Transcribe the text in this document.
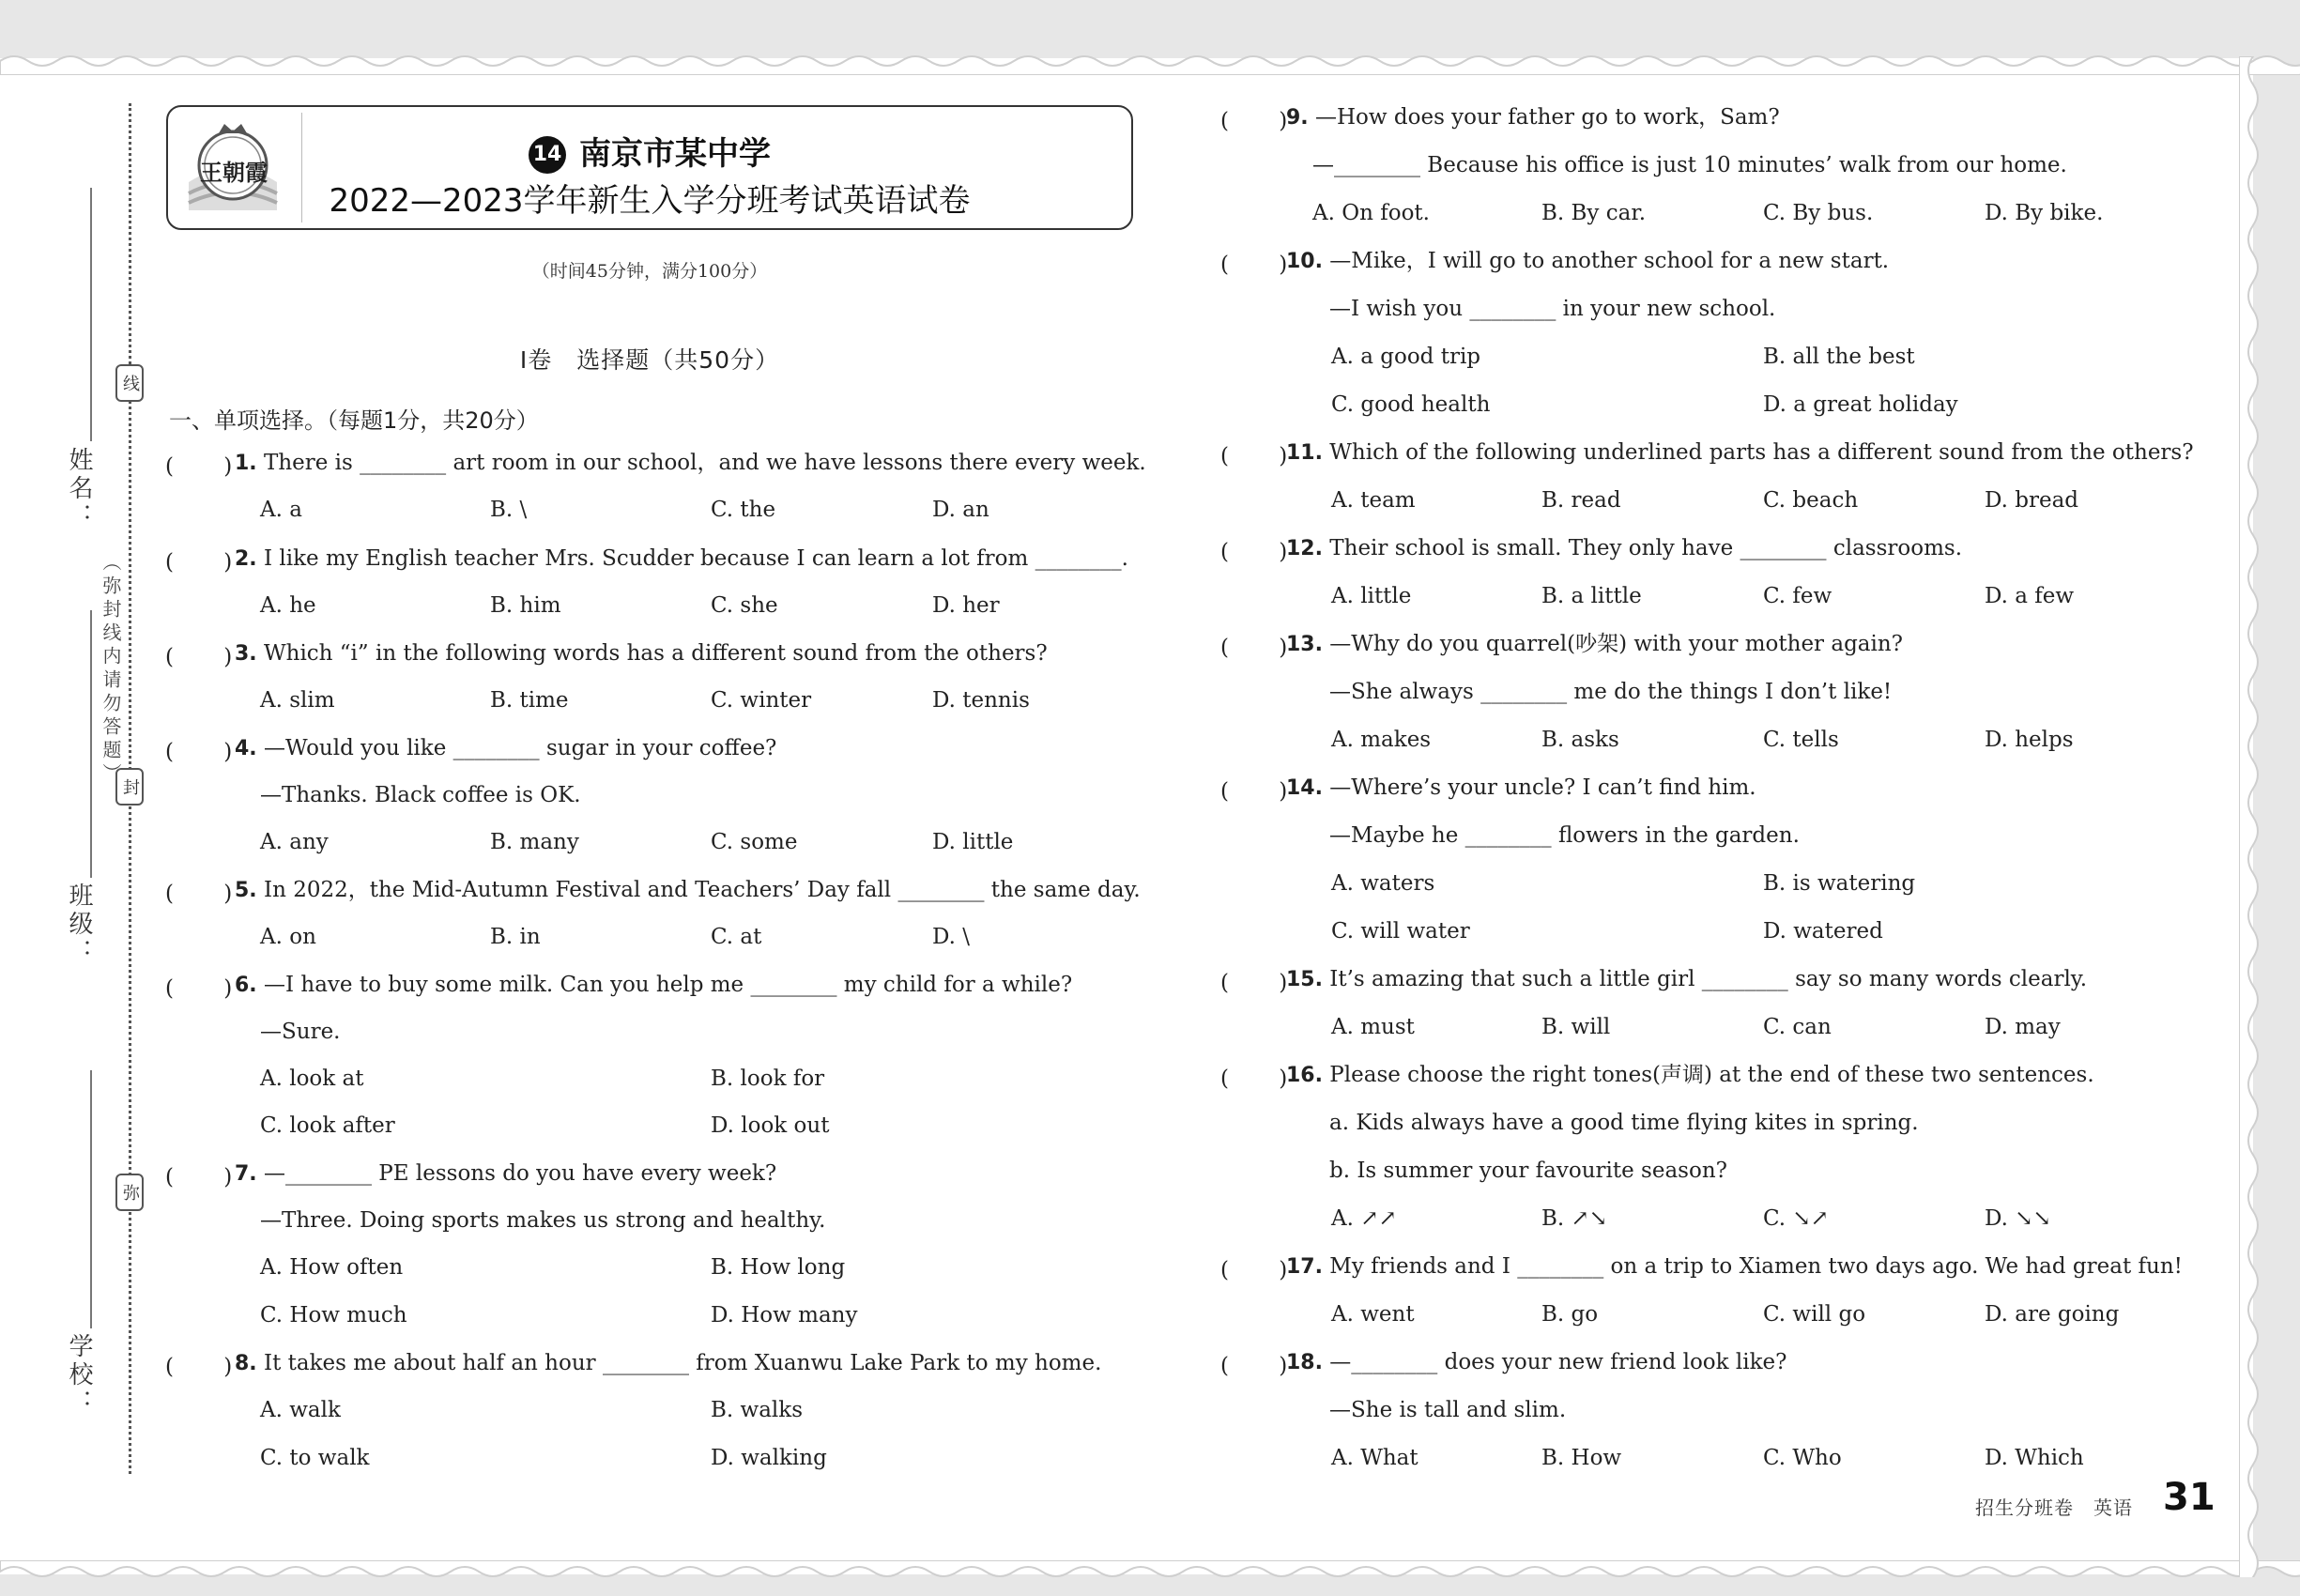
姓名：
班级：
学校：
线
封
弥
（弥封线内请勿答题）
王朝霞
14 南京市某中学
2022—2023学年新生入学分班考试英语试卷
（时间45分钟，满分100分）
Ⅰ卷　选择题（共50分）
一、单项选择。（每题1分，共20分）
(　　 ) 1. There is ________ art room in our school，and we have lessons there every week.
A. a	B. \	C. the	D. an
(　　 ) 2. I like my English teacher Mrs. Scudder because I can learn a lot from ________.
A. he	B. him	C. she	D. her
(　　 ) 3. Which “i” in the following words has a different sound from the others?
A. slim	B. time	C. winter	D. tennis
(　　 ) 4. —Would you like ________ sugar in your coffee?
—Thanks. Black coffee is OK.
A. any	B. many	C. some	D. little
(　　 ) 5. In 2022，the Mid-Autumn Festival and Teachers’ Day fall ________ the same day.
A. on	B. in	C. at	D. \
(　　 ) 6. —I have to buy some milk. Can you help me ________ my child for a while?
—Sure.
A. look at	B. look for
C. look after	D. look out
(　　 ) 7. —________ PE lessons do you have every week?
—Three. Doing sports makes us strong and healthy.
A. How often	B. How long
C. How much	D. How many
(　　 ) 8. It takes me about half an hour ________ from Xuanwu Lake Park to my home.
A. walk	B. walks
C. to walk	D. walking
(　　 )
9. —How does your father go to work，Sam?
—________ Because his office is just 10 minutes’ walk from our home.
A. On foot.	B. By car.	C. By bus.	D. By bike.
(　　 )
10. —Mike，I will go to another school for a new start.
—I wish you ________ in your new school.
A. a good trip	B. all the best
C. good health	D. a great holiday
(　　 )
11. Which of the following underlined parts has a different sound from the others?
A. team	B. read	C. beach	D. bread
(　　 )
12. Their school is small. They only have ________ classrooms.
A. little	B. a little	C. few	D. a few
(　　 )
13. —Why do you quarrel(吵架) with your mother again?
—She always ________ me do the things I don’t like!
A. makes	B. asks	C. tells	D. helps
(　　 )
14. —Where’s your uncle? I can’t find him.
—Maybe he ________ flowers in the garden.
A. waters	B. is watering
C. will water	D. watered
(　　 )
15. It’s amazing that such a little girl ________ say so many words clearly.
A. must	B. will	C. can	D. may
(　　 )
16. Please choose the right tones(声调) at the end of these two sentences.
a. Kids always have a good time flying kites in spring.
b. Is summer your favourite season?
A. ↗↗	B. ↗↘	C. ↘↗	D. ↘↘
(　　 )
17. My friends and I ________ on a trip to Xiamen two days ago. We had great fun!
A. went	B. go	C. will go	D. are going
(　　 )
18. —________ does your new friend look like?
—She is tall and slim.
A. What	B. How	C. Who	D. Which
招生分班卷　英语 31
